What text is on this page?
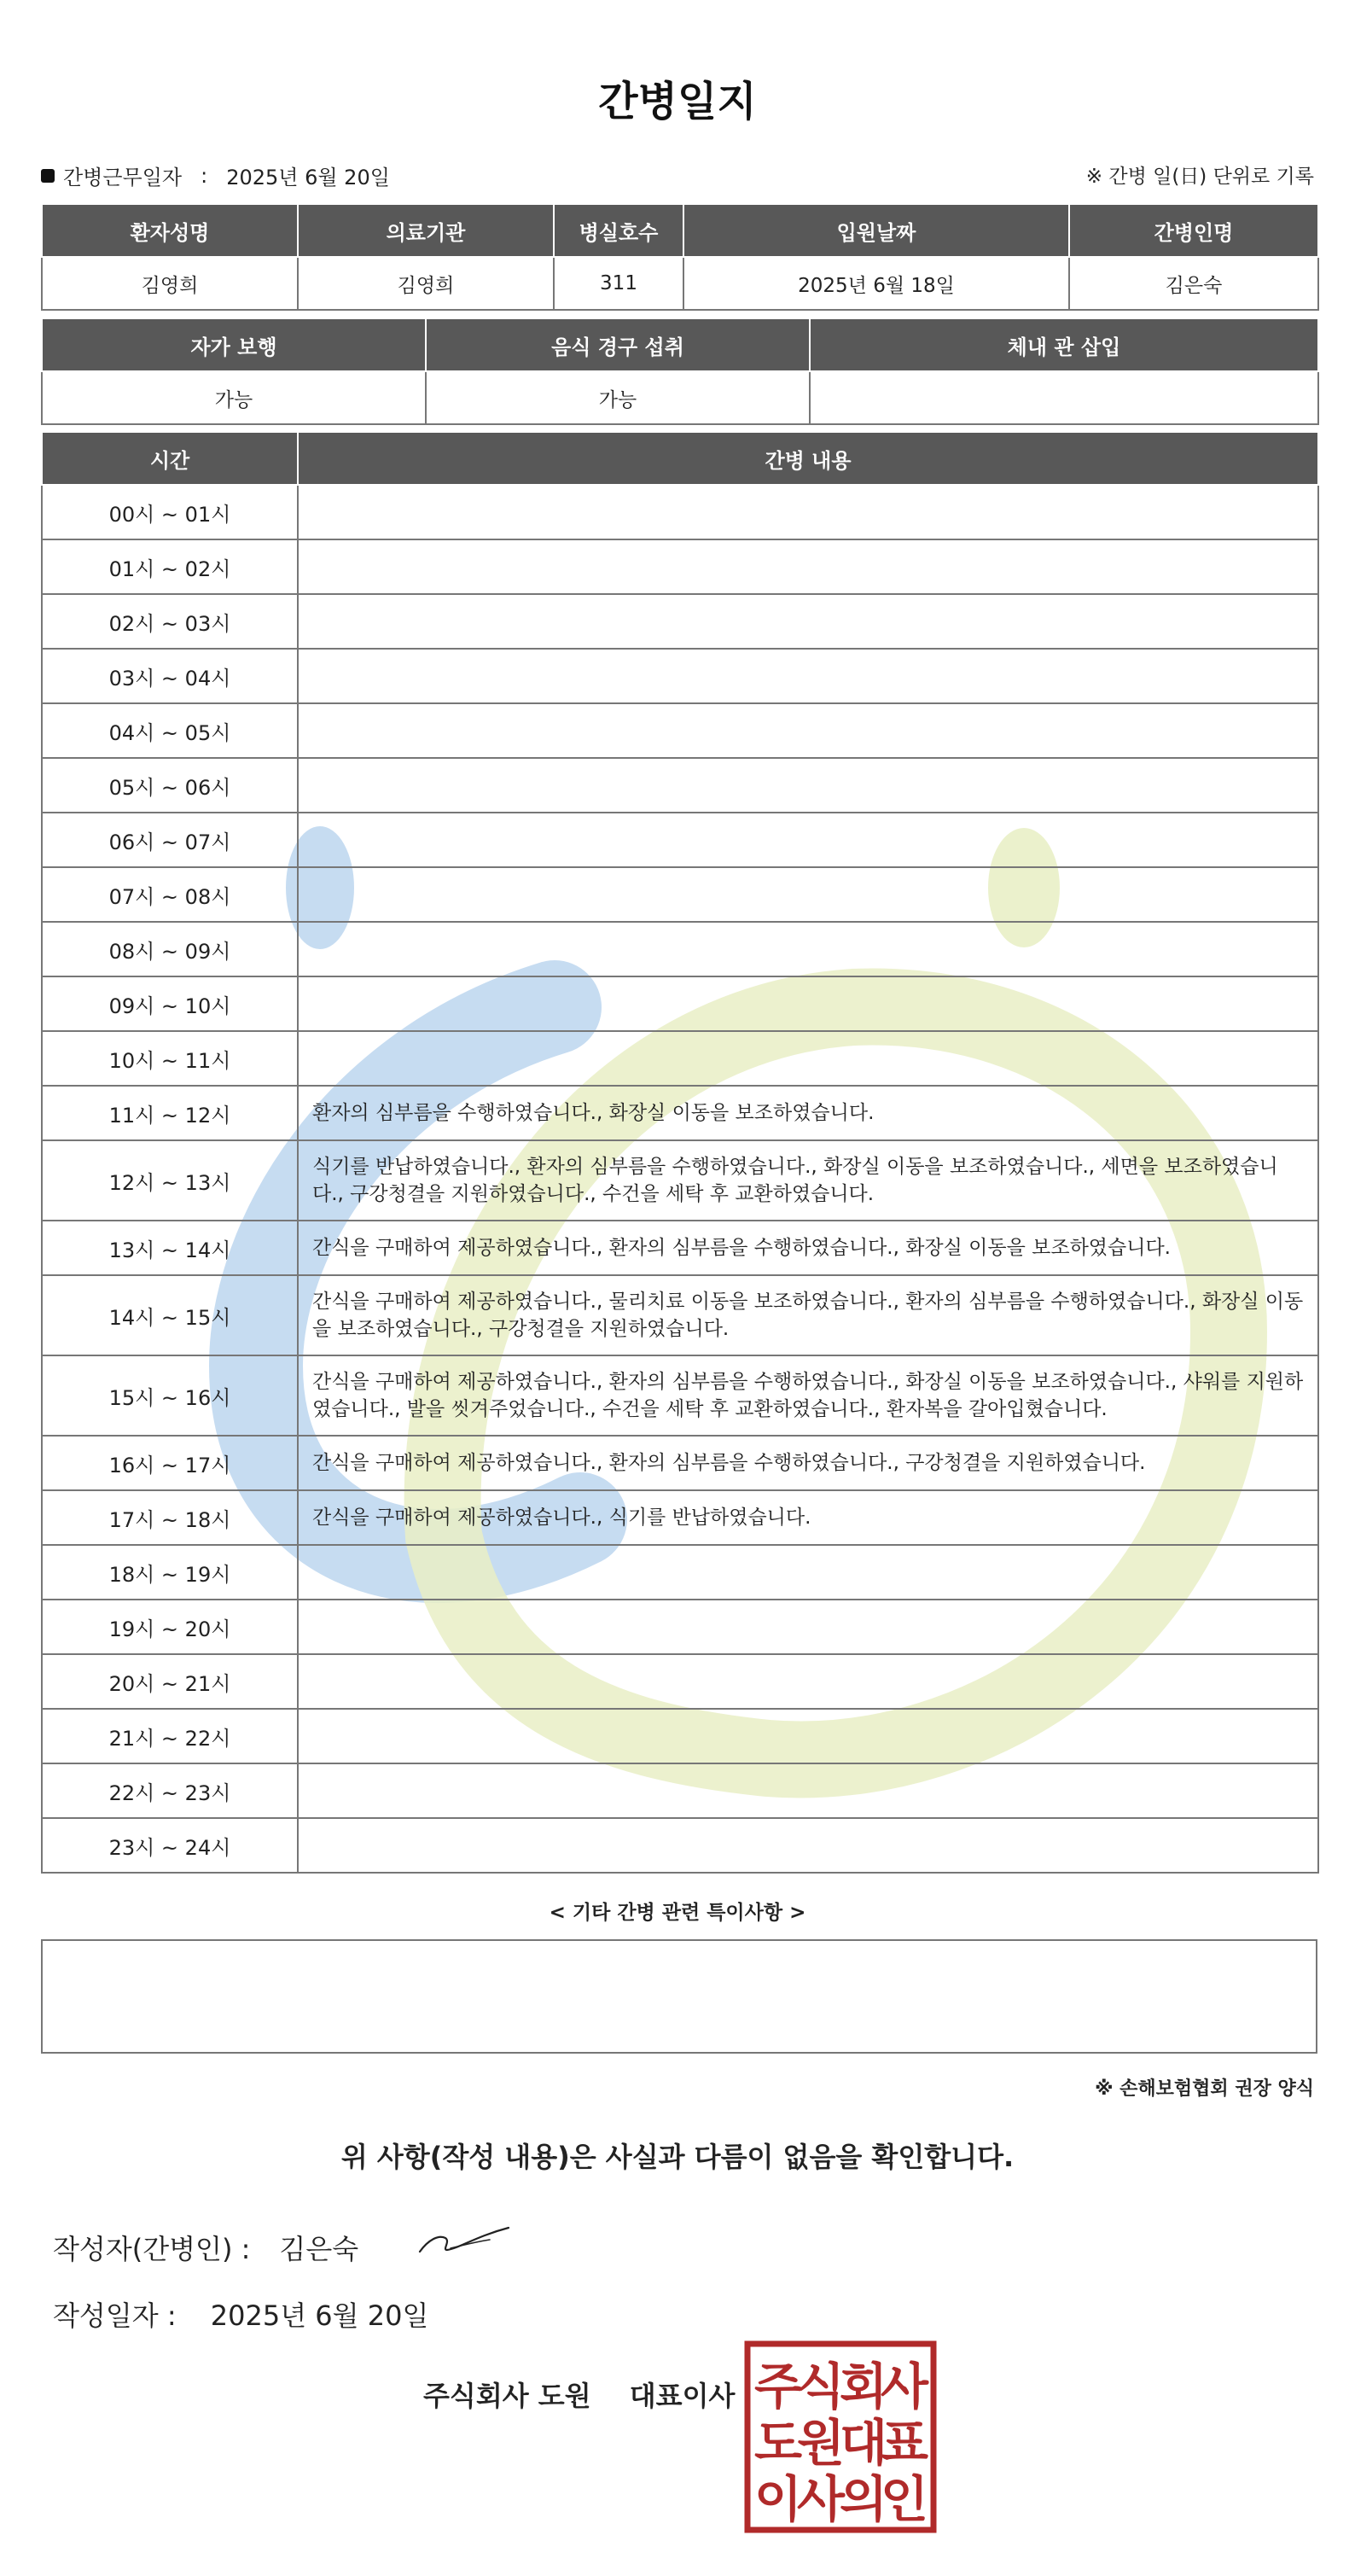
간병일지
간병근무일자 : 2025년 6월 20일	※ 간병 일(日) 단위로 기록
환자성명	의료기관	병실호수	입원날짜	간병인명
김영희	김영희	311	2025년 6월 18일	김은숙
자가 보행	음식 경구 섭취	체내 관 삽입
가능	가능	
시간	간병 내용
00시 ~ 01시	
01시 ~ 02시	
02시 ~ 03시	
03시 ~ 04시	
04시 ~ 05시	
05시 ~ 06시	
06시 ~ 07시	
07시 ~ 08시	
08시 ~ 09시	
09시 ~ 10시	
10시 ~ 11시	
11시 ~ 12시	환자의 심부름을 수행하였습니다., 화장실 이동을 보조하였습니다.
12시 ~ 13시	식기를 반납하였습니다., 환자의 심부름을 수행하였습니다., 화장실 이동을 보조하였습니다., 세면을 보조하였습니다., 구강청결을 지원하였습니다., 수건을 세탁 후 교환하였습니다.
13시 ~ 14시	간식을 구매하여 제공하였습니다., 환자의 심부름을 수행하였습니다., 화장실 이동을 보조하였습니다.
14시 ~ 15시	간식을 구매하여 제공하였습니다., 물리치료 이동을 보조하였습니다., 환자의 심부름을 수행하였습니다., 화장실 이동을 보조하였습니다., 구강청결을 지원하였습니다.
15시 ~ 16시	간식을 구매하여 제공하였습니다., 환자의 심부름을 수행하였습니다., 화장실 이동을 보조하였습니다., 샤워를 지원하였습니다., 발을 씻겨주었습니다., 수건을 세탁 후 교환하였습니다., 환자복을 갈아입혔습니다.
16시 ~ 17시	간식을 구매하여 제공하였습니다., 환자의 심부름을 수행하였습니다., 구강청결을 지원하였습니다.
17시 ~ 18시	간식을 구매하여 제공하였습니다., 식기를 반납하였습니다.
18시 ~ 19시	
19시 ~ 20시	
20시 ~ 21시	
21시 ~ 22시	
22시 ~ 23시	
23시 ~ 24시	
< 기타 간병 관련 특이사항 >
※ 손해보험협회 권장 양식
위 사항(작성 내용)은 사실과 다름이 없음을 확인합니다.
작성자(간병인) : 김은숙
작성일자 : 2025년 6월 20일
주식회사 도원 대표이사 주
식
회
사
도
원
대
표
이
사
의
인
